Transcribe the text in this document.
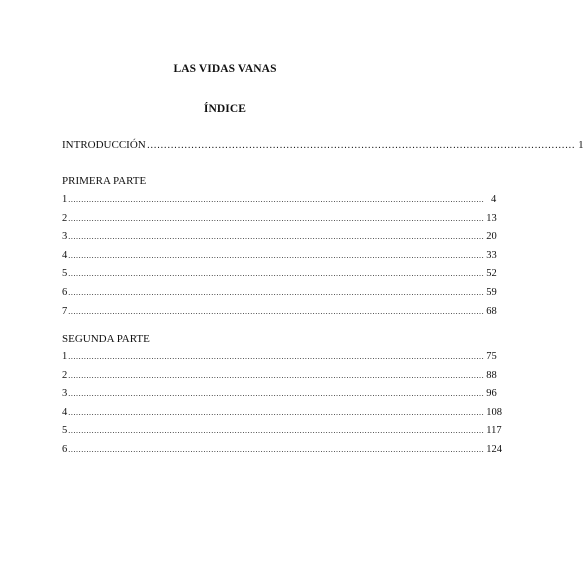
LAS VIDAS VANAS
ÍNDICE
INTRODUCCIÓN ……………………………………………………………………………………………………………… 1
PRIMERA PARTE
1 ................................................................................................................................................................ 4
2 ................................................................................................................................................................ 13
3 ................................................................................................................................................................ 20
4 ................................................................................................................................................................ 33
5 ................................................................................................................................................................ 52
6 ................................................................................................................................................................ 59
7 ................................................................................................................................................................ 68
SEGUNDA PARTE
1 ................................................................................................................................................................ 75
2 ................................................................................................................................................................ 88
3 ................................................................................................................................................................ 96
4 ................................................................................................................................................................ 108
5 ................................................................................................................................................................ 117
6 ................................................................................................................................................................ 124
